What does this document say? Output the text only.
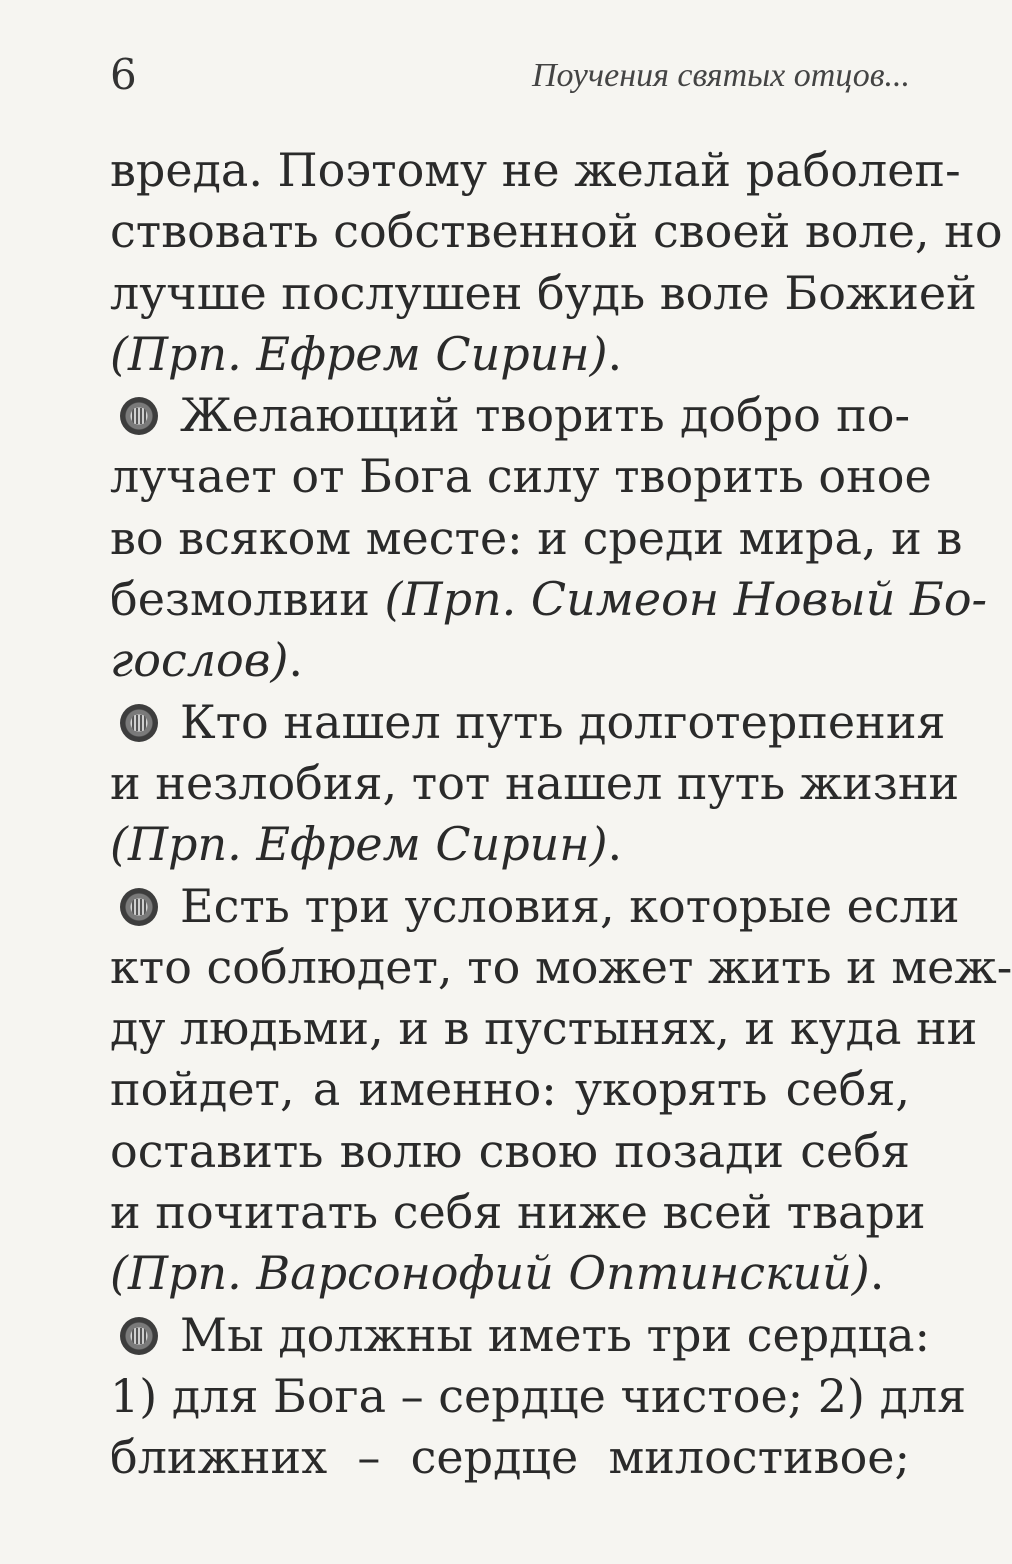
6	Поучения святых отцов...
вреда. Поэтому не желай раболеп-
ствовать собственной своей воле, но
лучше послушен будь воле Божией
(Прп. Ефрем Сирин).
Желающий творить добро по-
лучает от Бога силу творить оное
во всяком месте: и среди мира, и в
безмолвии (Прп. Симеон Новый Бо-
гослов).
Кто нашел путь долготерпения
и незлобия, тот нашел путь жизни
(Прп. Ефрем Сирин).
Есть три условия, которые если
кто соблюдет, то может жить и меж-
ду людьми, и в пустынях, и куда ни
пойдет, а именно: укорять себя,
оставить волю свою позади себя
и почитать себя ниже всей твари
(Прп. Варсонофий Оптинский).
Мы должны иметь три сердца:
1) для Бога – сердце чистое; 2) для
ближних – сердце милостивое;
